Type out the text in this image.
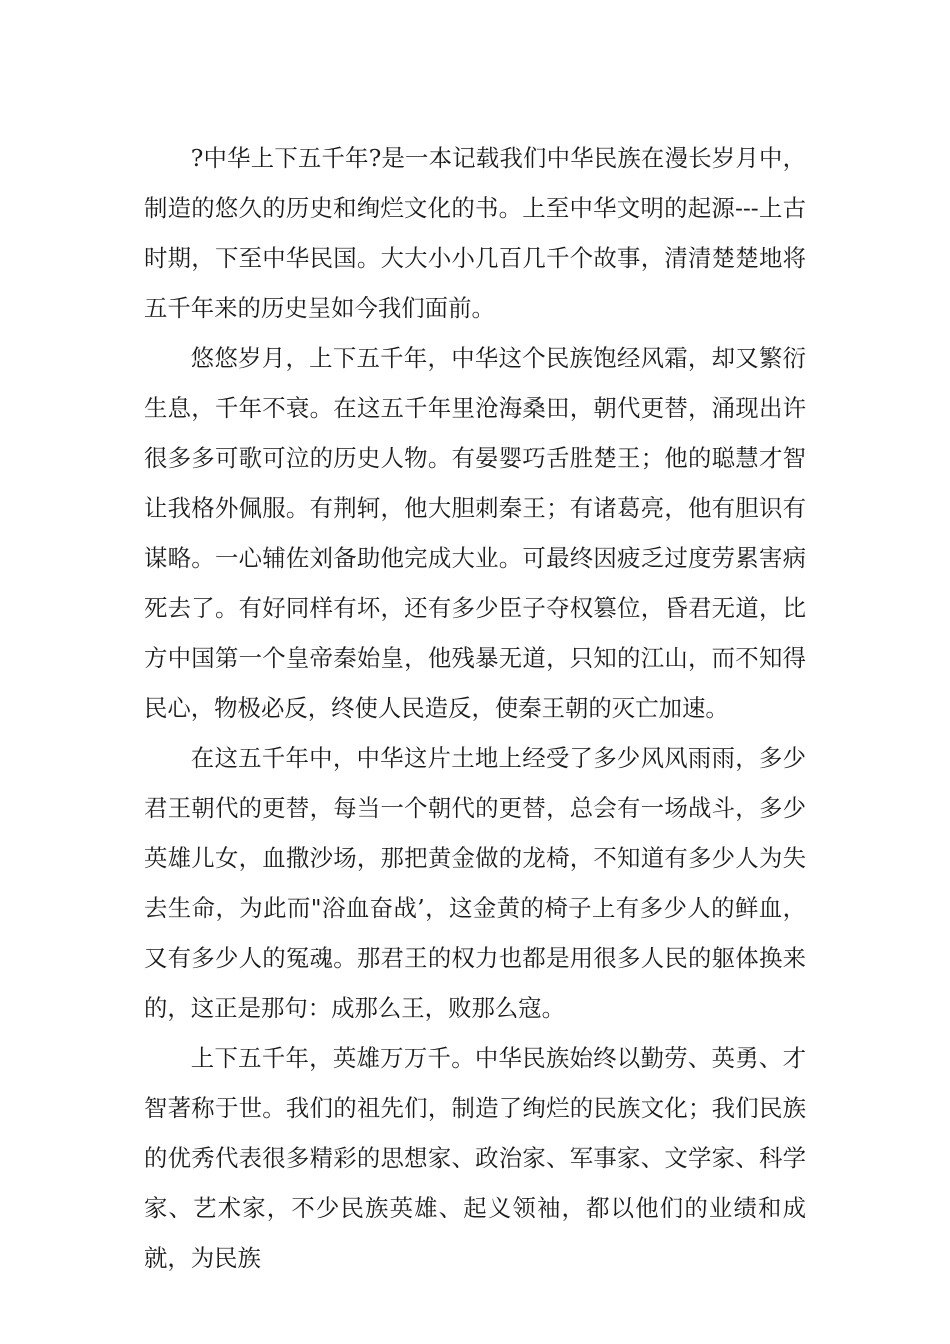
?中华上下五千年?是一本记载我们中华民族在漫长岁月中，制造的悠久的历史和绚烂文化的书。上至中华文明的起源---上古时期，下至中华民国。大大小小几百几千个故事，清清楚楚地将五千年来的历史呈如今我们面前。

悠悠岁月，上下五千年，中华这个民族饱经风霜，却又繁衍生息，千年不衰。在这五千年里沧海桑田，朝代更替，涌现出许很多多可歌可泣的历史人物。有晏婴巧舌胜楚王；他的聪慧才智让我格外佩服。有荆轲，他大胆刺秦王；有诸葛亮，他有胆识有谋略。一心辅佐刘备助他完成大业。可最终因疲乏过度劳累害病死去了。有好同样有坏，还有多少臣子夺权篡位，昏君无道，比方中国第一个皇帝秦始皇，他残暴无道，只知的江山，而不知得民心，物极必反，终使人民造反，使秦王朝的灭亡加速。

在这五千年中，中华这片土地上经受了多少风风雨雨，多少君王朝代的更替，每当一个朝代的更替，总会有一场战斗，多少英雄儿女，血撒沙场，那把黄金做的龙椅，不知道有多少人为失去生命，为此而"浴血奋战’，这金黄的椅子上有多少人的鲜血，又有多少人的冤魂。那君王的权力也都是用很多人民的躯体换来的，这正是那句：成那么王，败那么寇。

上下五千年，英雄万万千。中华民族始终以勤劳、英勇、才智著称于世。我们的祖先们，制造了绚烂的民族文化；我们民族的优秀代表很多精彩的思想家、政治家、军事家、文学家、科学家、艺术家，不少民族英雄、起义领袖，都以他们的业绩和成就，为民族
